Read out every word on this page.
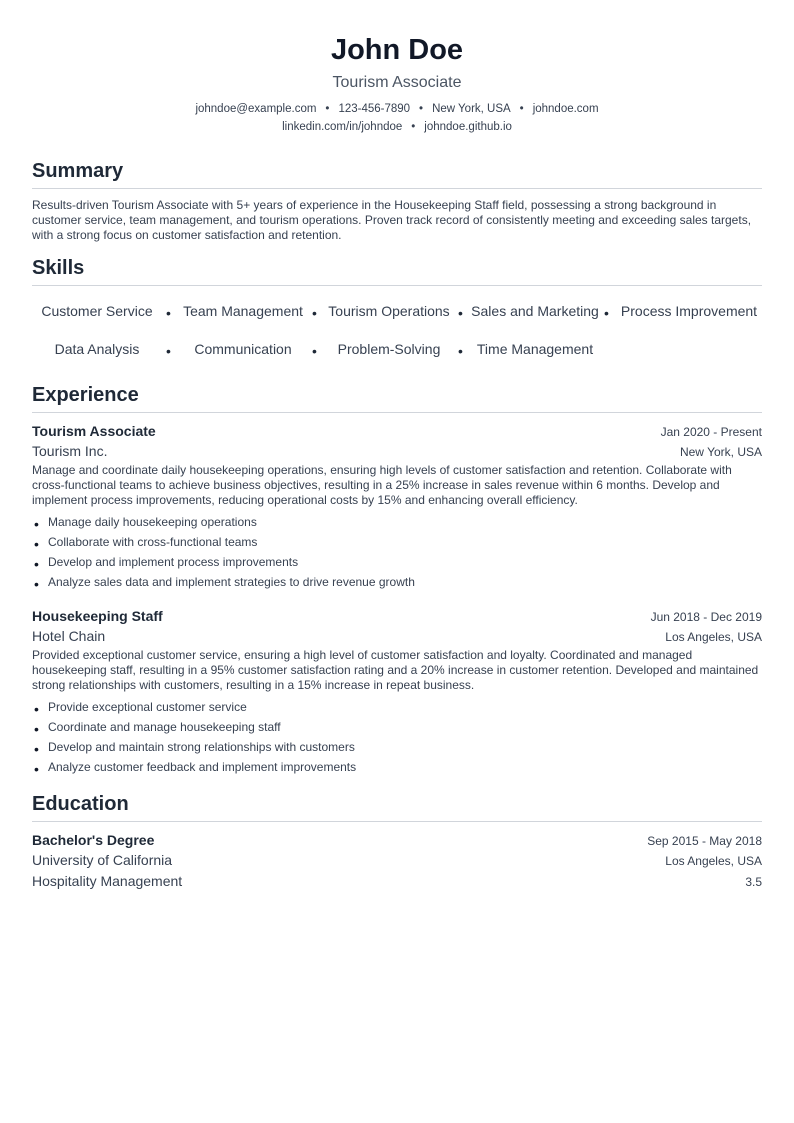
John Doe
Tourism Associate
johndoe@example.com • 123-456-7890 • New York, USA • johndoe.com
linkedin.com/in/johndoe • johndoe.github.io
Summary
Results-driven Tourism Associate with 5+ years of experience in the Housekeeping Staff field, possessing a strong background in customer service, team management, and tourism operations. Proven track record of consistently meeting and exceeding sales targets, with a strong focus on customer satisfaction and retention.
Skills
Customer Service • Team Management • Tourism Operations • Sales and Marketing • Process Improvement
Data Analysis	•	Communication	•	Problem-Solving	• Time Management
Experience
Tourism Associate	Jan 2020 - Present
Tourism Inc.	New York, USA
Manage and coordinate daily housekeeping operations, ensuring high levels of customer satisfaction and retention. Collaborate with cross-functional teams to achieve business objectives, resulting in a 25% increase in sales revenue within 6 months. Develop and implement process improvements, reducing operational costs by 15% and enhancing overall efficiency.
• Manage daily housekeeping operations
• Collaborate with cross-functional teams
• Develop and implement process improvements
• Analyze sales data and implement strategies to drive revenue growth
Housekeeping Staff	Jun 2018 - Dec 2019
Hotel Chain	Los Angeles, USA
Provided exceptional customer service, ensuring a high level of customer satisfaction and loyalty. Coordinated and managed housekeeping staff, resulting in a 95% customer satisfaction rating and a 20% increase in customer retention. Developed and maintained strong relationships with customers, resulting in a 15% increase in repeat business.
• Provide exceptional customer service
• Coordinate and manage housekeeping staff
• Develop and maintain strong relationships with customers
• Analyze customer feedback and implement improvements
Education
Bachelor's Degree	Sep 2015 - May 2018
University of California	Los Angeles, USA
Hospitality Management	3.5
